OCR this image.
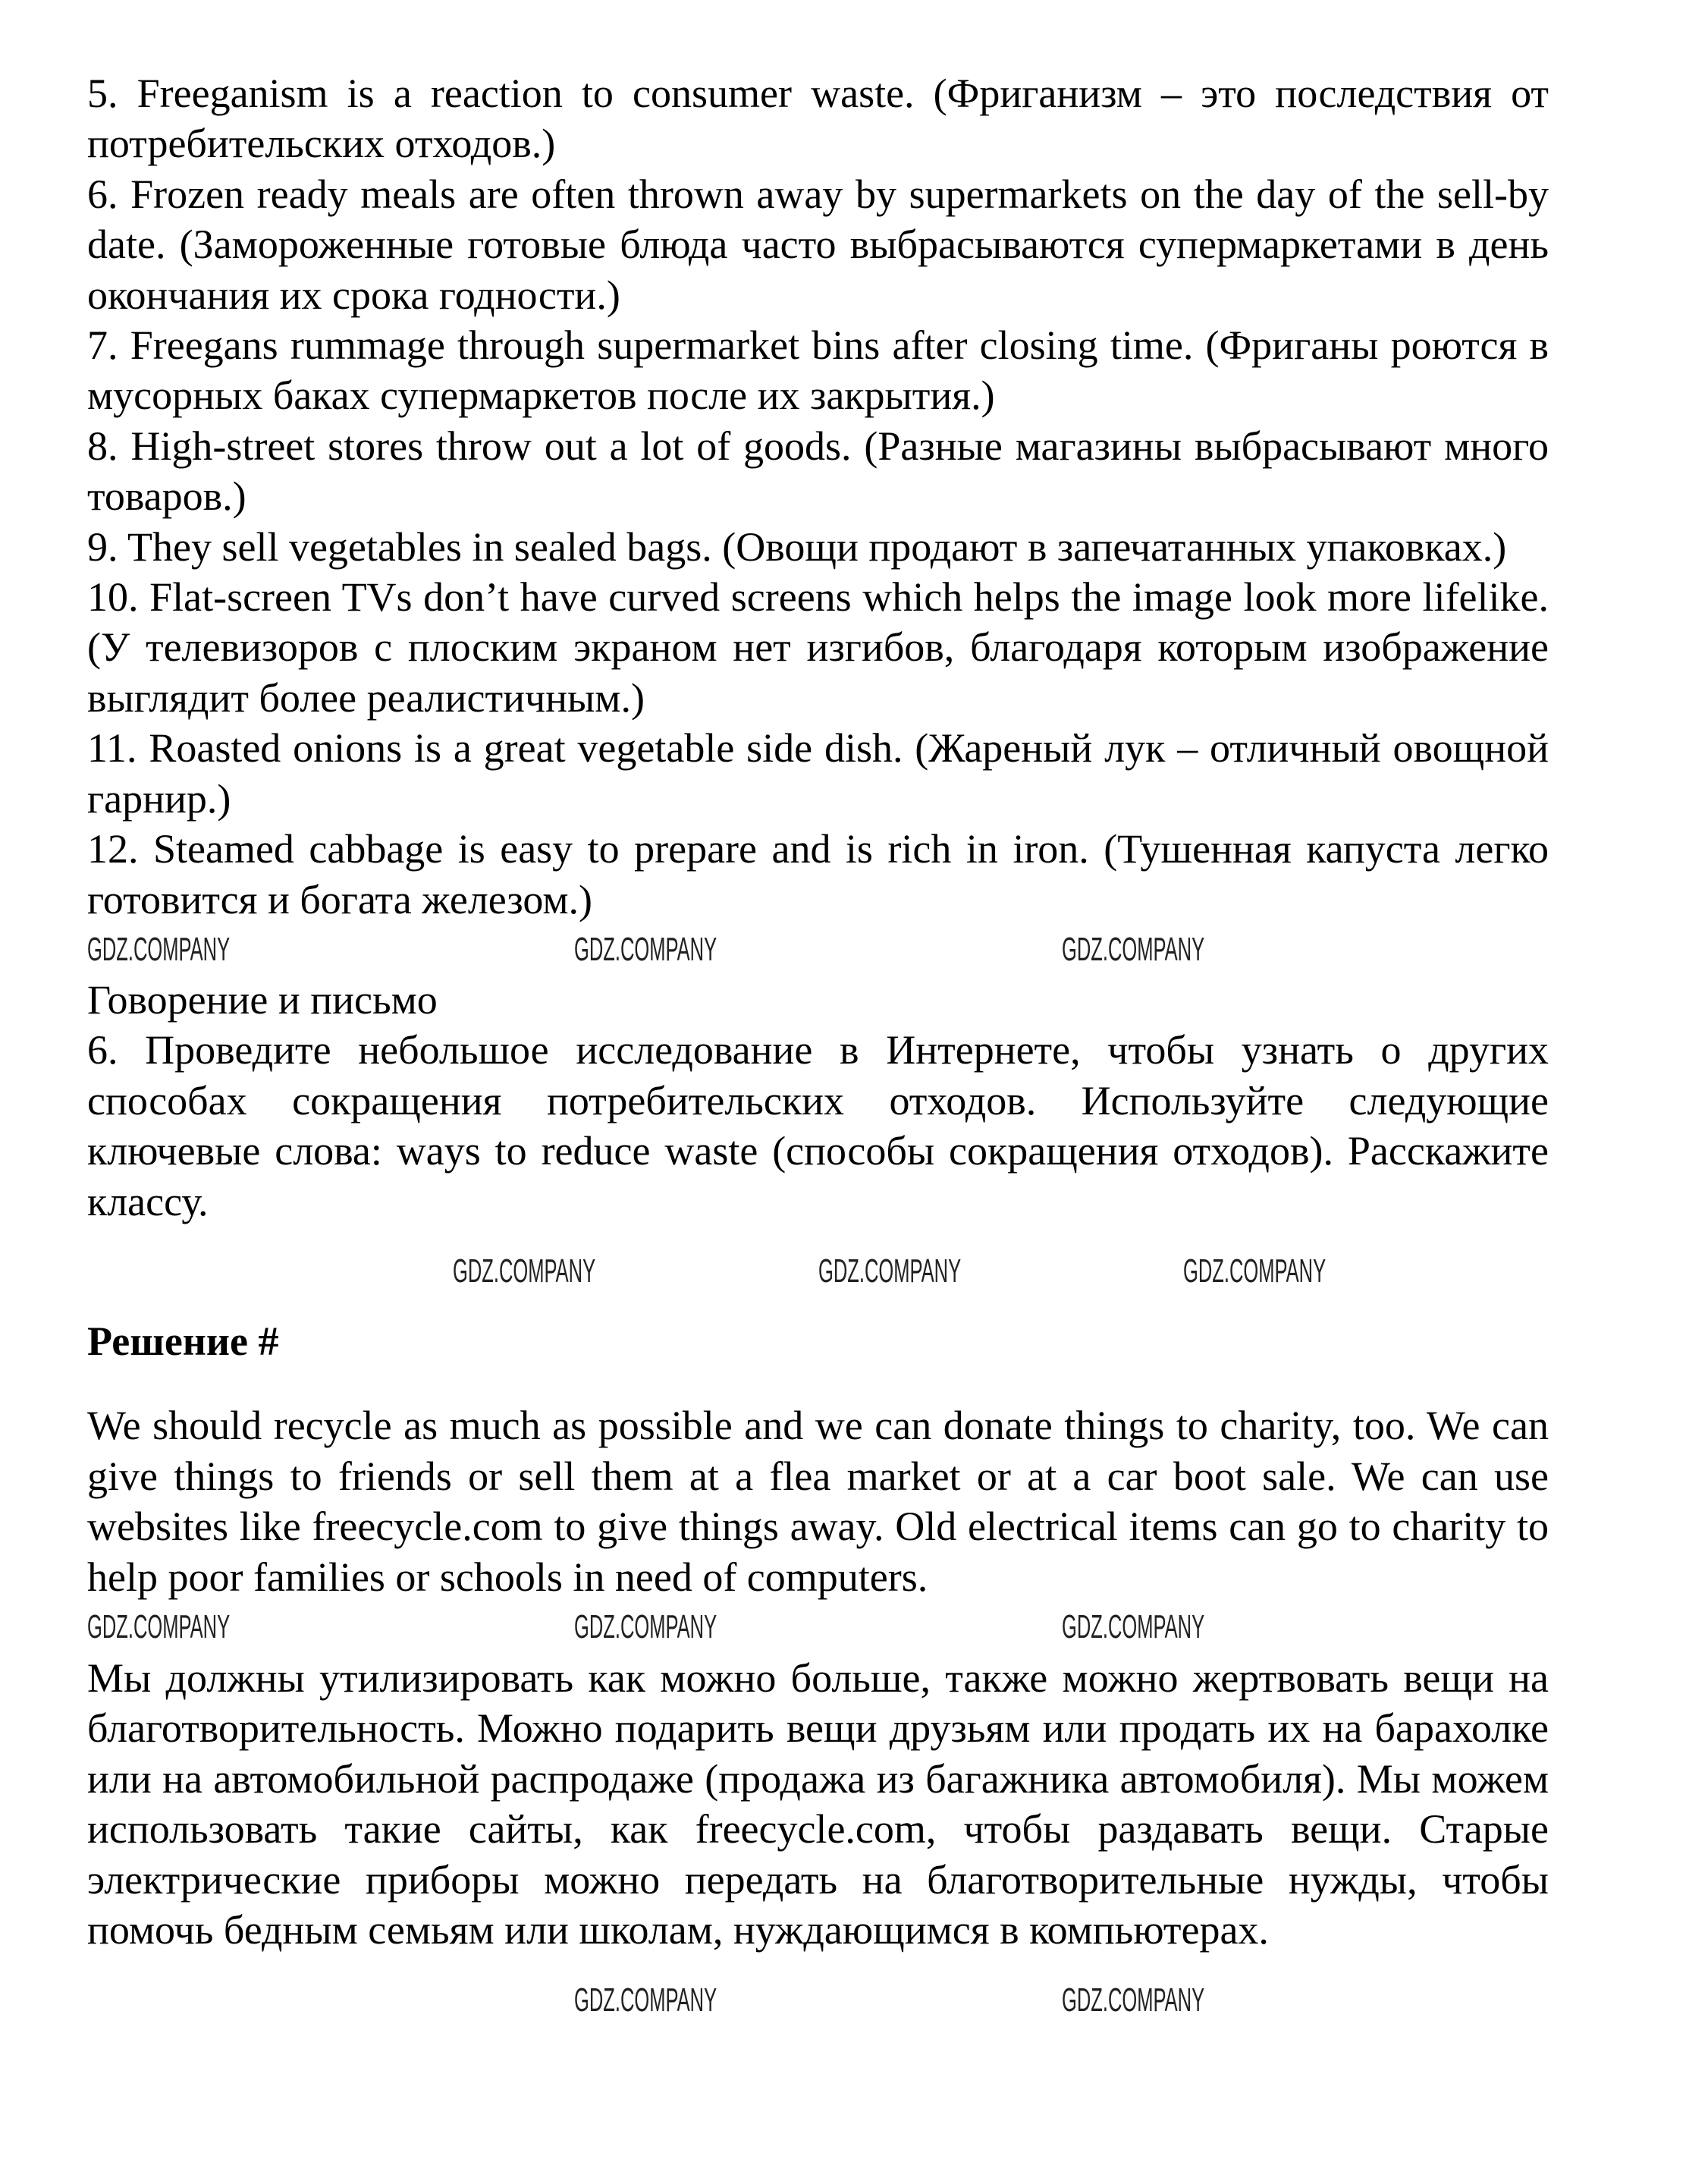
5. Freeganism is a reaction to consumer waste. (Фриганизм – это последствия от потребительских отходов.)

6. Frozen ready meals are often thrown away by supermarkets on the day of the sell-by date. (Замороженные готовые блюда часто выбрасываются супермаркетами в день окончания их срока годности.)

7. Freegans rummage through supermarket bins after closing time. (Фриганы роются в мусорных баках супермаркетов после их закрытия.)

8. High-street stores throw out a lot of goods. (Разные магазины выбрасывают много товаров.)

9. They sell vegetables in sealed bags. (Овощи продают в запечатанных упаковках.)

10. Flat-screen TVs don’t have curved screens which helps the image look more lifelike. (У телевизоров с плоским экраном нет изгибов, благодаря которым изображение выглядит более реалистичным.)

11. Roasted onions is a great vegetable side dish. (Жареный лук – отличный овощной гарнир.)

12. Steamed cabbage is easy to prepare and is rich in iron. (Тушенная капуста легко готовится и богата железом.)

GDZ.COMPANY	GDZ.COMPANY	GDZ.COMPANY

Говорение и письмо

6. Проведите небольшое исследование в Интернете, чтобы узнать о других способах сокращения потребительских отходов. Используйте следующие ключевые слова: ways to reduce waste (способы сокращения отходов). Расскажите классу.

GDZ.COMPANY	GDZ.COMPANY	GDZ.COMPANY

Решение #

We should recycle as much as possible and we can donate things to charity, too. We can give things to friends or sell them at a flea market or at a car boot sale. We can use websites like freecycle.com to give things away. Old electrical items can go to charity to help poor families or schools in need of computers.

GDZ.COMPANY	GDZ.COMPANY	GDZ.COMPANY

Мы должны утилизировать как можно больше, также можно жертвовать вещи на благотворительность. Можно подарить вещи друзьям или продать их на барахолке или на автомобильной распродаже (продажа из багажника автомобиля). Мы можем использовать такие сайты, как freecycle.com, чтобы раздавать вещи. Старые электрические приборы можно передать на благотворительные нужды, чтобы помочь бедным семьям или школам, нуждающимся в компьютерах.

GDZ.COMPANY	GDZ.COMPANY
